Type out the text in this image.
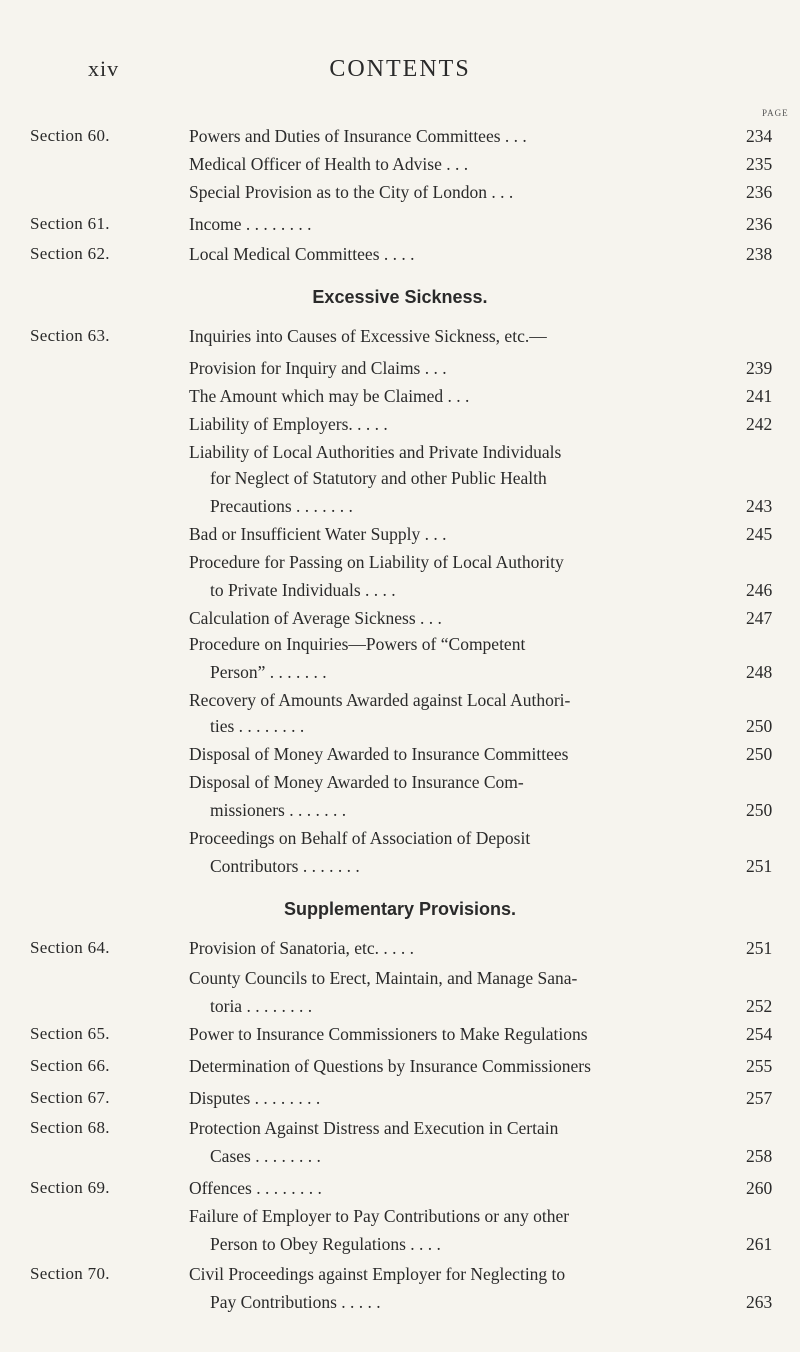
xiv	CONTENTS
PAGE
Section 60.	Powers and Duties of Insurance Committees . . .	234
Medical Officer of Health to Advise . . .	235
Special Provision as to the City of London . . .	236
Section 61.	Income . . . . . . . .	236
Section 62.	Local Medical Committees . . . .	238
Excessive Sickness.
Section 63.	Inquiries into Causes of Excessive Sickness, etc.—
Provision for Inquiry and Claims . . .	239
The Amount which may be Claimed . . .	241
Liability of Employers. . . . .	242
Liability of Local Authorities and Private Individuals
for Neglect of Statutory and other Public Health
Precautions . . . . . . .	243
Bad or Insufficient Water Supply . . .	245
Procedure for Passing on Liability of Local Authority
to Private Individuals . . . .	246
Calculation of Average Sickness . . .	247
Procedure on Inquiries—Powers of “Competent
Person” . . . . . . .	248
Recovery of Amounts Awarded against Local Authori-
ties . . . . . . . .	250
Disposal of Money Awarded to Insurance Committees	250
Disposal of Money Awarded to Insurance Com-
missioners . . . . . . .	250
Proceedings on Behalf of Association of Deposit
Contributors . . . . . . .	251
Supplementary Provisions.
Section 64.	Provision of Sanatoria, etc. . . . .	251
County Councils to Erect, Maintain, and Manage Sana-
toria . . . . . . . .	252
Section 65.	Power to Insurance Commissioners to Make Regulations	254
Section 66.	Determination of Questions by Insurance Commissioners	255
Section 67.	Disputes . . . . . . . .	257
Section 68.	Protection Against Distress and Execution in Certain
Cases . . . . . . . .	258
Section 69.	Offences . . . . . . . .	260
Failure of Employer to Pay Contributions or any other
Person to Obey Regulations . . . .	261
Section 70.	Civil Proceedings against Employer for Neglecting to
Pay Contributions . . . . .	263
